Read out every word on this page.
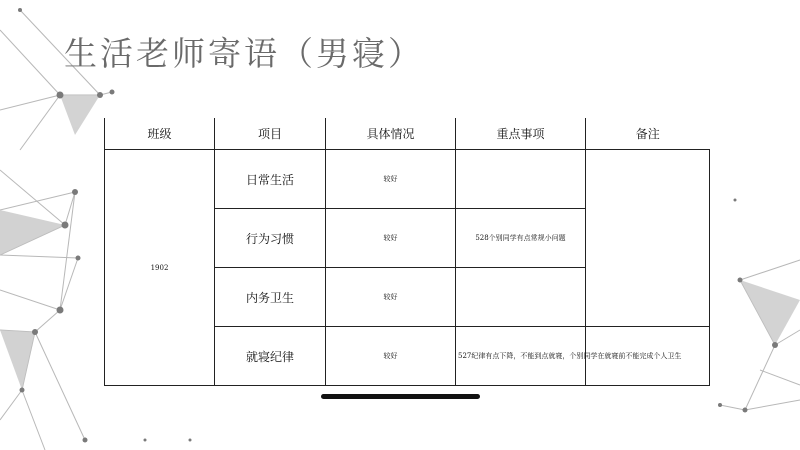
生活老师寄语（男寝）
班级	项目	具体情况	重点事项	备注
1902	日常生活	较好		
	行为习惯	较好	528个别同学有点常规小问题	
	内务卫生	较好		
	就寝纪律	较好	527纪律有点下降，不能到点就寝，个别同学在就寝前不能完成个人卫生	
